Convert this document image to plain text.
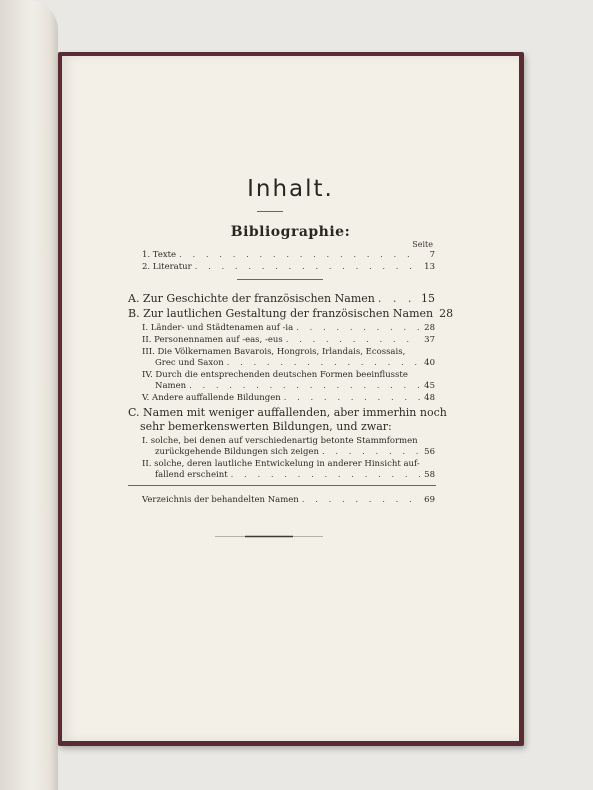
Inhalt.
Bibliographie:
Seite
1. Texte . . .	7
2. Literatur . . .	13
A. Zur Geschichte der französischen Namen . . .	15
B. Zur lautlichen Gestaltung der französischen Namen 28
I. Länder- und Städtenamen auf -ia . . .	28
II. Personennamen auf -eas, -eus . . .	37
III. Die Völkernamen Bavarois, Hongrois, Irlandais, Ecossais,
Grec und Saxon . . .	40
IV. Durch die entsprechenden deutschen Formen beeinflusste
Namen . . .	45
V. Andere auffallende Bildungen . . .	48
C. Namen mit weniger auffallenden, aber immerhin noch
sehr bemerkenswerten Bildungen, und zwar:
I. solche, bei denen auf verschiedenartig betonte Stammformen
zurückgehende Bildungen sich zeigen . . .	56
II. solche, deren lautliche Entwickelung in anderer Hinsicht auf-
fallend erscheint . . .	58
Verzeichnis der behandelten Namen . . .	69
